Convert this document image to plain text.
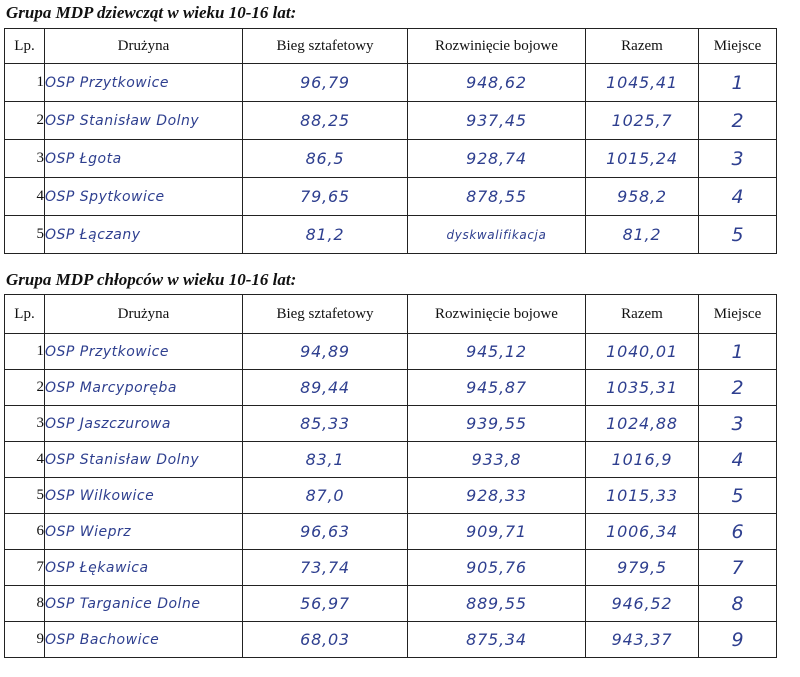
Grupa MDP dziewcząt w wieku 10-16 lat:
Lp.	Drużyna	Bieg sztafetowy	Rozwinięcie bojowe	Razem	Miejsce
1	OSP Przytkowice	96,79	948,62	1045,41	1
2	OSP Stanisław Dolny	88,25	937,45	1025,7	2
3	OSP Łgota	86,5	928,74	1015,24	3
4	OSP Spytkowice	79,65	878,55	958,2	4
5	OSP Łączany	81,2	dyskwalifikacja	81,2	5
Grupa MDP chłopców w wieku 10-16 lat:
Lp.	Drużyna	Bieg sztafetowy	Rozwinięcie bojowe	Razem	Miejsce
1	OSP Przytkowice	94,89	945,12	1040,01	1
2	OSP Marcyporęba	89,44	945,87	1035,31	2
3	OSP Jaszczurowa	85,33	939,55	1024,88	3
4	OSP Stanisław Dolny	83,1	933,8	1016,9	4
5	OSP Wilkowice	87,0	928,33	1015,33	5
6	OSP Wieprz	96,63	909,71	1006,34	6
7	OSP Łękawica	73,74	905,76	979,5	7
8	OSP Targanice Dolne	56,97	889,55	946,52	8
9	OSP Bachowice	68,03	875,34	943,37	9
